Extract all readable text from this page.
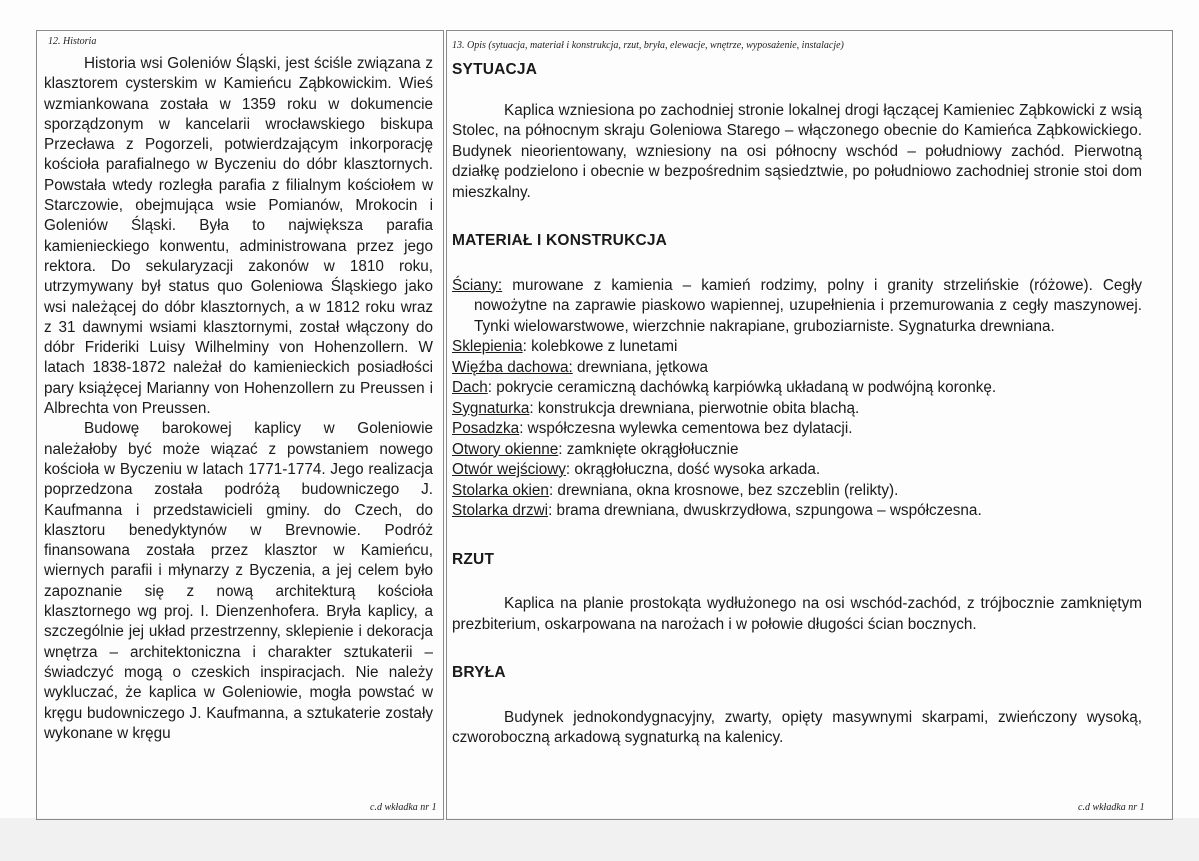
12. Historia	13. Opis (sytuacja, materiał i konstrukcja, rzut, bryła, elewacje, wnętrze, wyposażenie, instalacje)

Historia wsi Goleniów Śląski, jest ściśle związana z klasztorem cysterskim w Kamieńcu Ząbkowickim. Wieś wzmiankowana została w 1359 roku w dokumencie sporządzonym w kancelarii wrocławskiego biskupa Przecława z Pogorzeli, potwierdzającym inkorporację kościoła parafialnego w Byczeniu do dóbr klasztornych. Powstała wtedy rozległa parafia z filialnym kościołem w Starczowie, obejmująca wsie Pomianów, Mrokocin i Goleniów Śląski. Była to największa parafia kamienieckiego konwentu, administrowana przez jego rektora. Do sekularyzacji zakonów w 1810 roku, utrzymywany był status quo Goleniowa Śląskiego jako wsi należącej do dóbr klasztornych, a w 1812 roku wraz z 31 dawnymi wsiami klasztornymi, został włączony do dóbr Frideriki Luisy Wilhelminy von Hohenzollern. W latach 1838-1872 należał do kamienieckich posiadłości pary książęcej Marianny von Hohenzollern zu Preussen i Albrechta von Preussen.

Budowę barokowej kaplicy w Goleniowie należałoby być może wiązać z powstaniem nowego kościoła w Byczeniu w latach 1771-1774. Jego realizacja poprzedzona została podróżą budowniczego J. Kaufmanna i przedstawicieli gminy. do Czech, do klasztoru benedyktynów w Brevnowie. Podróż finansowana została przez klasztor w Kamieńcu, wiernych parafii i młynarzy z Byczenia, a jej celem było zapoznanie się z nową architekturą kościoła klasztornego wg proj. I. Dienzenhofera. Bryła kaplicy, a szczególnie jej układ przestrzenny, sklepienie i dekoracja wnętrza – architektoniczna i charakter sztukaterii – świadczyć mogą o czeskich inspiracjach. Nie należy wykluczać, że kaplica w Goleniowie, mogła powstać w kręgu budowniczego J. Kaufmanna, a sztukaterie zostały wykonane w kręgu

SYTUACJA

Kaplica wzniesiona po zachodniej stronie lokalnej drogi łączącej Kamieniec Ząbkowicki z wsią Stolec, na północnym skraju Goleniowa Starego – włączonego obecnie do Kamieńca Ząbkowickiego. Budynek nieorientowany, wzniesiony na osi północny wschód – południowy zachód. Pierwotną działkę podzielono i obecnie w bezpośrednim sąsiedztwie, po południowo zachodniej stronie stoi dom mieszkalny.

MATERIAŁ I KONSTRUKCJA

Ściany: murowane z kamienia – kamień rodzimy, polny i granity strzelińskie (różowe). Cegły nowożytne na zaprawie piaskowo wapiennej, uzupełnienia i przemurowania z cegły maszynowej. Tynki wielowarstwowe, wierzchnie nakrapiane, gruboziarniste. Sygnaturka drewniana.

Sklepienia: kolebkowe z lunetami

Więźba dachowa: drewniana, jętkowa

Dach: pokrycie ceramiczną dachówką karpiówką układaną w podwójną koronkę.

Sygnaturka: konstrukcja drewniana, pierwotnie obita blachą.

Posadzka: współczesna wylewka cementowa bez dylatacji.

Otwory okienne: zamknięte okrągłołucznie

Otwór wejściowy: okrągłołuczna, dość wysoka arkada.

Stolarka okien: drewniana, okna krosnowe, bez szczeblin (relikty).

Stolarka drzwi: brama drewniana, dwuskrzydłowa, szpungowa – współczesna.

RZUT

Kaplica na planie prostokąta wydłużonego na osi wschód-zachód, z trójbocznie zamkniętym prezbiterium, oskarpowana na narożach i w połowie długości ścian bocznych.

BRYŁA

Budynek jednokondygnacyjny, zwarty, opięty masywnymi skarpami, zwieńczony wysoką, czworoboczną arkadową sygnaturką na kalenicy.

c.d wkładka nr 1	c.d wkładka nr 1
